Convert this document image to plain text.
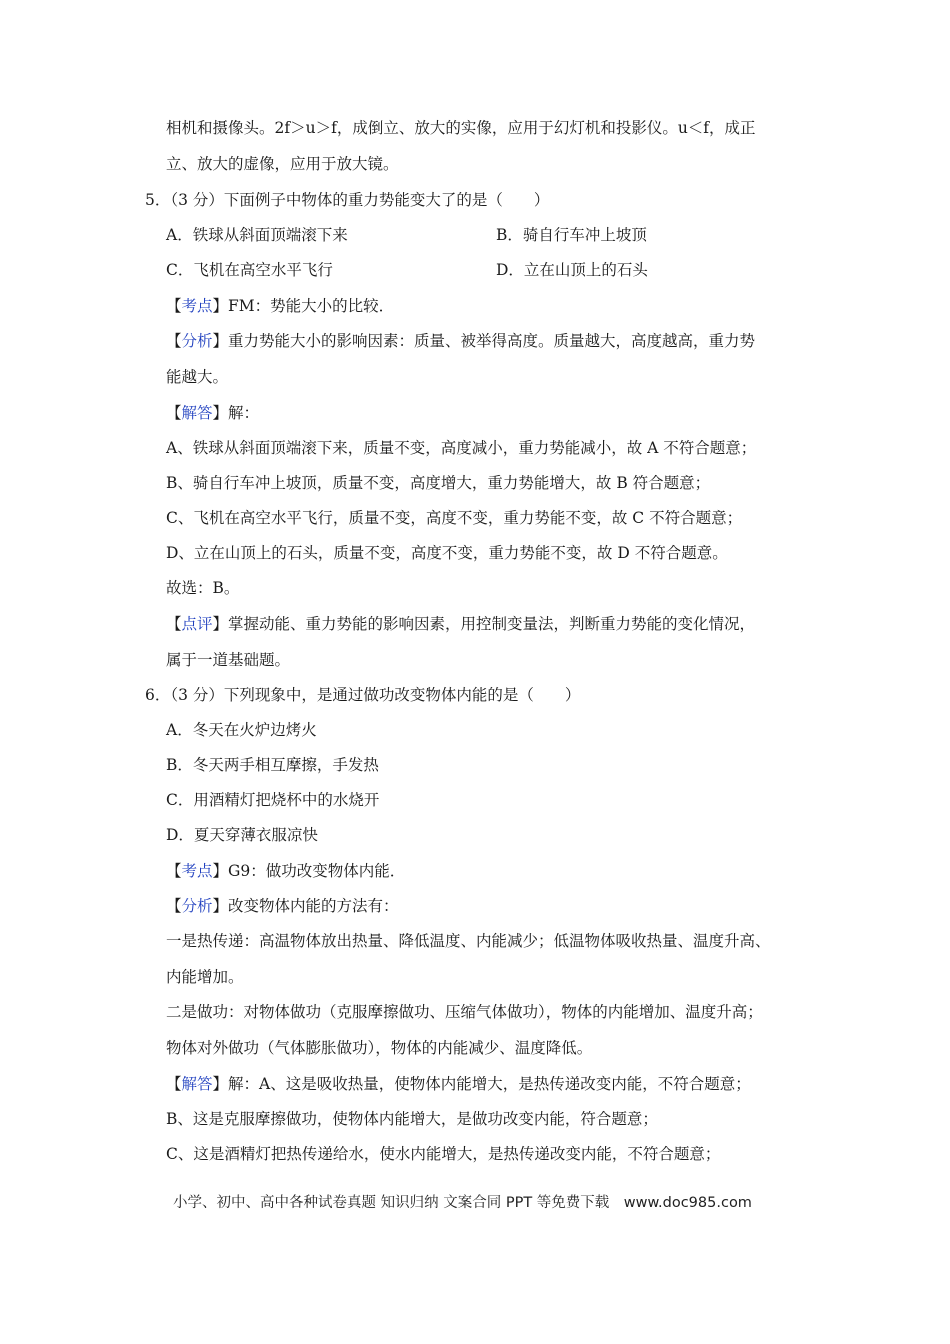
相机和摄像头。2f＞u＞f，成倒立、放大的实像，应用于幻灯机和投影仪。u＜f，成正
立、放大的虚像，应用于放大镜。
5．（3 分）下面例子中物体的重力势能变大了的是（　　）
A．铁球从斜面顶端滚下来	B．骑自行车冲上坡顶
C．飞机在高空水平飞行	D．立在山顶上的石头
【考点】FM：势能大小的比较．
【分析】重力势能大小的影响因素：质量、被举得高度。质量越大，高度越高，重力势
能越大。
【解答】解：
A、铁球从斜面顶端滚下来，质量不变，高度减小，重力势能减小，故 A 不符合题意；
B、骑自行车冲上坡顶，质量不变，高度增大，重力势能增大，故 B 符合题意；
C、飞机在高空水平飞行，质量不变，高度不变，重力势能不变，故 C 不符合题意；
D、立在山顶上的石头，质量不变，高度不变，重力势能不变，故 D 不符合题意。
故选：B。
【点评】掌握动能、重力势能的影响因素，用控制变量法，判断重力势能的变化情况，
属于一道基础题。
6．（3 分）下列现象中，是通过做功改变物体内能的是（　　）
A．冬天在火炉边烤火
B．冬天两手相互摩擦，手发热
C．用酒精灯把烧杯中的水烧开
D．夏天穿薄衣服凉快
【考点】G9：做功改变物体内能．
【分析】改变物体内能的方法有：
一是热传递：高温物体放出热量、降低温度、内能减少；低温物体吸收热量、温度升高、
内能增加。
二是做功：对物体做功（克服摩擦做功、压缩气体做功），物体的内能增加、温度升高；
物体对外做功（气体膨胀做功），物体的内能减少、温度降低。
【解答】解：A、这是吸收热量，使物体内能增大，是热传递改变内能，不符合题意；
B、这是克服摩擦做功，使物体内能增大，是做功改变内能，符合题意；
C、这是酒精灯把热传递给水，使水内能增大，是热传递改变内能，不符合题意；
小学、初中、高中各种试卷真题 知识归纳 文案合同 PPT 等免费下载　www.doc985.com
